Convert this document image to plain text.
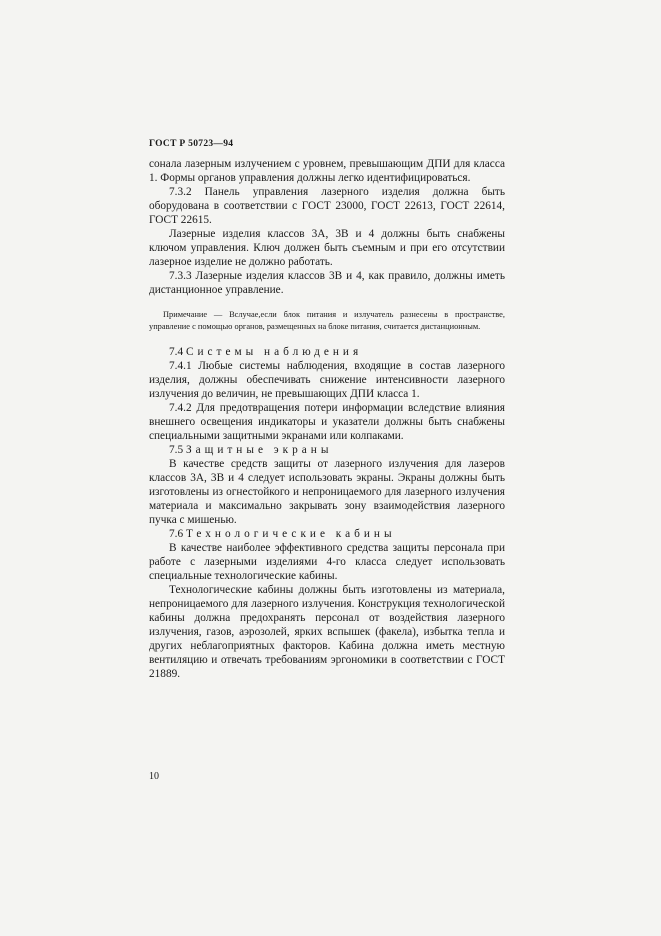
ГОСТ Р 50723—94

сонала лазерным излучением с уровнем, превышающим ДПИ для класса 1. Формы органов управления должны легко идентифицироваться.

7.3.2 Панель управления лазерного изделия должна быть оборудована в соответствии с ГОСТ 23000, ГОСТ 22613, ГОСТ 22614, ГОСТ 22615.

Лазерные изделия классов 3А, 3В и 4 должны быть снабжены ключом управления. Ключ должен быть съемным и при его отсутствии лазерное изделие не должно работать.

7.3.3 Лазерные изделия классов 3В и 4, как правило, должны иметь дистанционное управление.

Примечание — Вслучае,если блок питания и излучатель разнесены в пространстве, управление с помощью органов, размещенных на блоке питания, считается дистанционным.

7.4 Системы наблюдения

7.4.1 Любые системы наблюдения, входящие в состав лазерного изделия, должны обеспечивать снижение интенсивности лазерного излучения до величин, не превышающих ДПИ класса 1.

7.4.2 Для предотвращения потери информации вследствие влияния внешнего освещения индикаторы и указатели должны быть снабжены специальными защитными экранами или колпаками.

7.5 Защитные экраны

В качестве средств защиты от лазерного излучения для лазеров классов 3А, 3В и 4 следует использовать экраны. Экраны должны быть изготовлены из огнестойкого и непроницаемого для лазерного излучения материала и максимально закрывать зону взаимодействия лазерного пучка с мишенью.

7.6 Технологические кабины

В качестве наиболее эффективного средства защиты персонала при работе с лазерными изделиями 4-го класса следует использовать специальные технологические кабины.

Технологические кабины должны быть изготовлены из материала, непроницаемого для лазерного излучения. Конструкция технологической кабины должна предохранять персонал от воздействия лазерного излучения, газов, аэрозолей, ярких вспышек (факела), избытка тепла и других неблагоприятных факторов. Кабина должна иметь местную вентиляцию и отвечать требованиям эргономики в соответствии с ГОСТ 21889.

10
